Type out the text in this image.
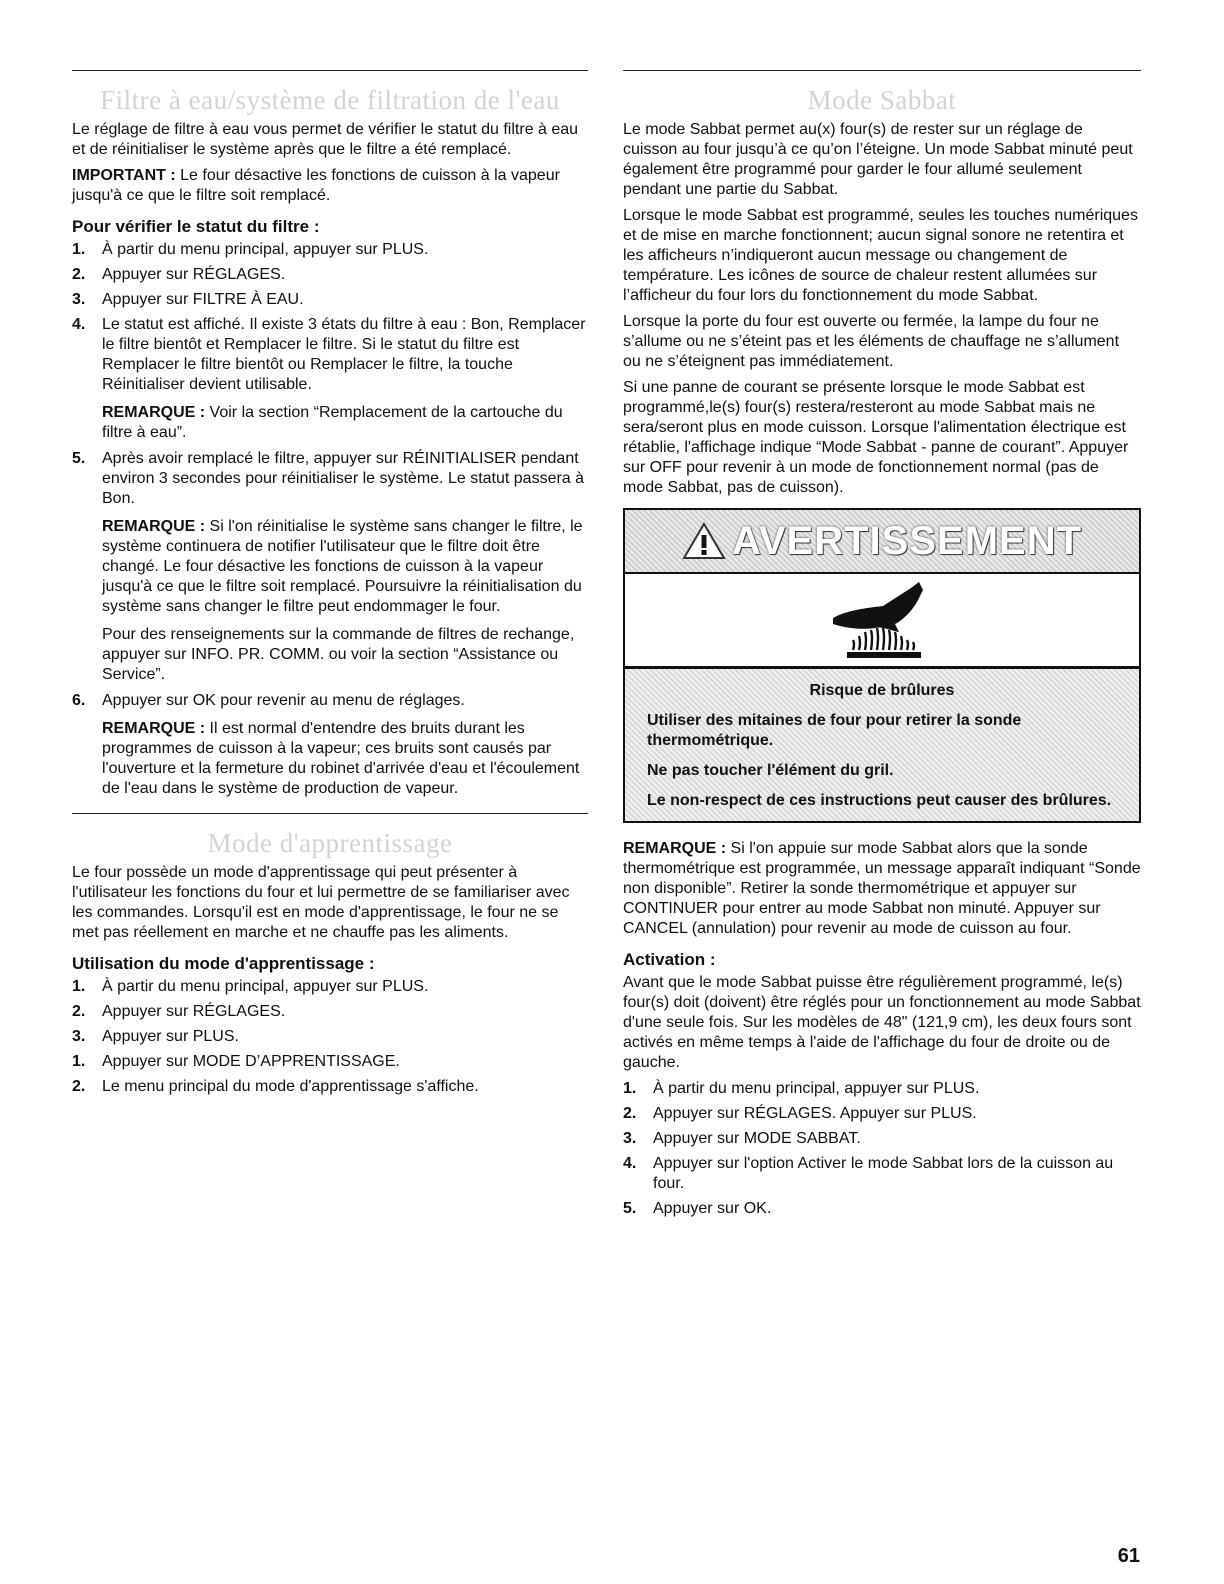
Filtre à eau/système de filtration de l'eau

Le réglage de filtre à eau vous permet de vérifier le statut du filtre à eau et de réinitialiser le système après que le filtre a été remplacé.

IMPORTANT : Le four désactive les fonctions de cuisson à la vapeur jusqu'à ce que le filtre soit remplacé.

Pour vérifier le statut du filtre :
1. À partir du menu principal, appuyer sur PLUS.
2. Appuyer sur RÉGLAGES.
3. Appuyer sur FILTRE À EAU.
4. Le statut est affiché. Il existe 3 états du filtre à eau : Bon, Remplacer le filtre bientôt et Remplacer le filtre. Si le statut du filtre est Remplacer le filtre bientôt ou Remplacer le filtre, la touche Réinitialiser devient utilisable.

REMARQUE : Voir la section “Remplacement de la cartouche du filtre à eau”.

5. Après avoir remplacé le filtre, appuyer sur RÉINITIALISER pendant environ 3 secondes pour réinitialiser le système. Le statut passera à Bon.

REMARQUE : Si l'on réinitialise le système sans changer le filtre, le système continuera de notifier l'utilisateur que le filtre doit être changé. Le four désactive les fonctions de cuisson à la vapeur jusqu'à ce que le filtre soit remplacé. Poursuivre la réinitialisation du système sans changer le filtre peut endommager le four.

Pour des renseignements sur la commande de filtres de rechange, appuyer sur INFO. PR. COMM. ou voir la section “Assistance ou Service”.

6. Appuyer sur OK pour revenir au menu de réglages.

REMARQUE : Il est normal d'entendre des bruits durant les programmes de cuisson à la vapeur; ces bruits sont causés par l'ouverture et la fermeture du robinet d'arrivée d'eau et l'écoulement de l'eau dans le système de production de vapeur.

Mode d'apprentissage

Le four possède un mode d'apprentissage qui peut présenter à l'utilisateur les fonctions du four et lui permettre de se familiariser avec les commandes. Lorsqu'il est en mode d'apprentissage, le four ne se met pas réellement en marche et ne chauffe pas les aliments.

Utilisation du mode d'apprentissage :
1. À partir du menu principal, appuyer sur PLUS.
2. Appuyer sur RÉGLAGES.
3. Appuyer sur PLUS.
1. Appuyer sur MODE D’APPRENTISSAGE.
2. Le menu principal du mode d'apprentissage s'affiche.
Mode Sabbat

Le mode Sabbat permet au(x) four(s) de rester sur un réglage de cuisson au four jusqu’à ce qu’on l’éteigne. Un mode Sabbat minuté peut également être programmé pour garder le four allumé seulement pendant une partie du Sabbat.

Lorsque le mode Sabbat est programmé, seules les touches numériques et de mise en marche fonctionnent; aucun signal sonore ne retentira et les afficheurs n’indiqueront aucun message ou changement de température. Les icônes de source de chaleur restent allumées sur l’afficheur du four lors du fonctionnement du mode Sabbat.

Lorsque la porte du four est ouverte ou fermée, la lampe du four ne s’allume ou ne s’éteint pas et les éléments de chauffage ne s’allument ou ne s’éteignent pas immédiatement.

Si une panne de courant se présente lorsque le mode Sabbat est programmé,le(s) four(s) restera/resteront au mode Sabbat mais ne sera/seront plus en mode cuisson. Lorsque l'alimentation électrique est rétablie, l'affichage indique “Mode Sabbat - panne de courant”. Appuyer sur OFF pour revenir à un mode de fonctionnement normal (pas de mode Sabbat, pas de cuisson).

AVERTISSEMENT

Risque de brûlures

Utiliser des mitaines de four pour retirer la sonde thermométrique.

Ne pas toucher l'élément du gril.

Le non-respect de ces instructions peut causer des brûlures.

REMARQUE : Si l'on appuie sur mode Sabbat alors que la sonde thermométrique est programmée, un message apparaît indiquant “Sonde non disponible”. Retirer la sonde thermométrique et appuyer sur CONTINUER pour entrer au mode Sabbat non minuté. Appuyer sur CANCEL (annulation) pour revenir au mode de cuisson au four.

Activation :

Avant que le mode Sabbat puisse être régulièrement programmé, le(s) four(s) doit (doivent) être réglés pour un fonctionnement au mode Sabbat d'une seule fois. Sur les modèles de 48" (121,9 cm), les deux fours sont activés en même temps à l'aide de l'affichage du four de droite ou de gauche.

1. À partir du menu principal, appuyer sur PLUS.
2. Appuyer sur RÉGLAGES. Appuyer sur PLUS.
3. Appuyer sur MODE SABBAT.
4. Appuyer sur l'option Activer le mode Sabbat lors de la cuisson au four.
5. Appuyer sur OK.
61
